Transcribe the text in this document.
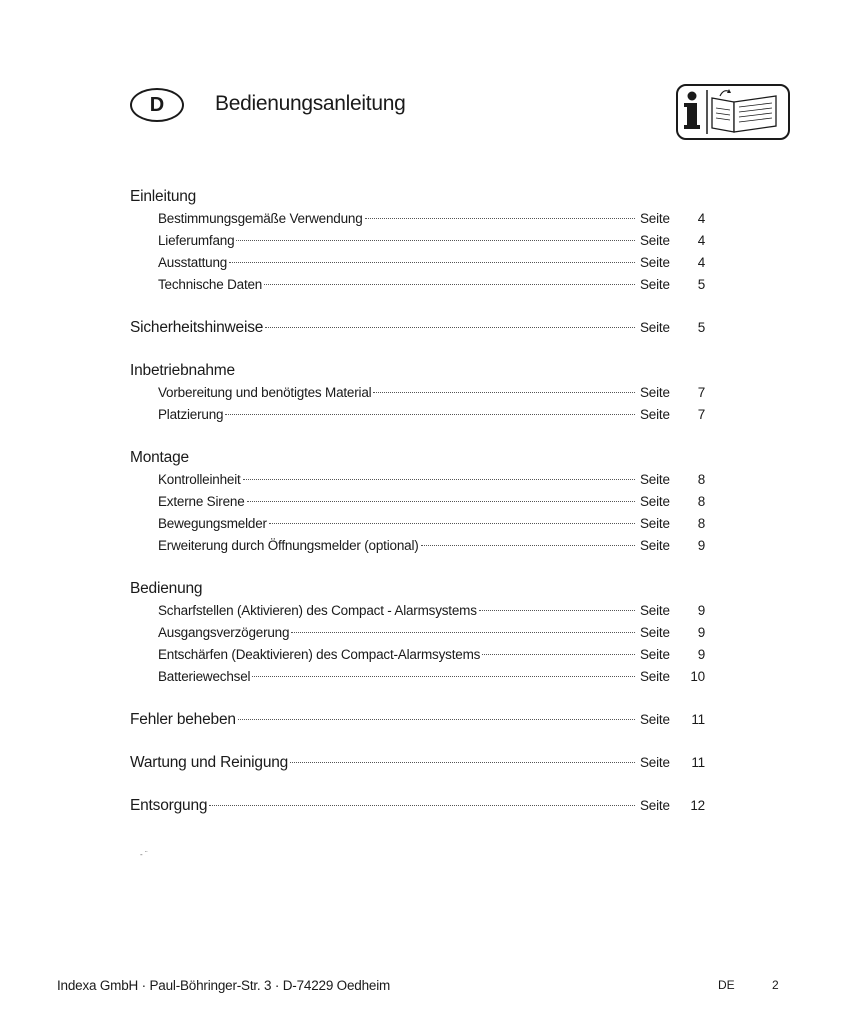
D	Bedienungsanleitung
Einleitung
Bestimmungsgemäße Verwendung	Seite	4
Lieferumfang	Seite	4
Ausstattung	Seite	4
Technische Daten	Seite	5
Sicherheitshinweise	Seite	5
Inbetriebnahme
Vorbereitung und benötigtes Material	Seite	7
Platzierung	Seite	7
Montage
Kontrolleinheit	Seite	8
Externe Sirene	Seite	8
Bewegungsmelder	Seite	8
Erweiterung durch Öffnungsmelder (optional)	Seite	9
Bedienung
Scharfstellen (Aktivieren) des Compact - Alarmsystems	Seite	9
Ausgangsverzögerung	Seite	9
Entschärfen (Deaktivieren) des Compact-Alarmsystems	Seite	9
Batteriewechsel	Seite	10
Fehler beheben	Seite	11
Wartung und Reinigung	Seite	11
Entsorgung	Seite	12
- ¨
Indexa GmbH · Paul-Böhringer-Str. 3 · D-74229 Oedheim	DE	2
